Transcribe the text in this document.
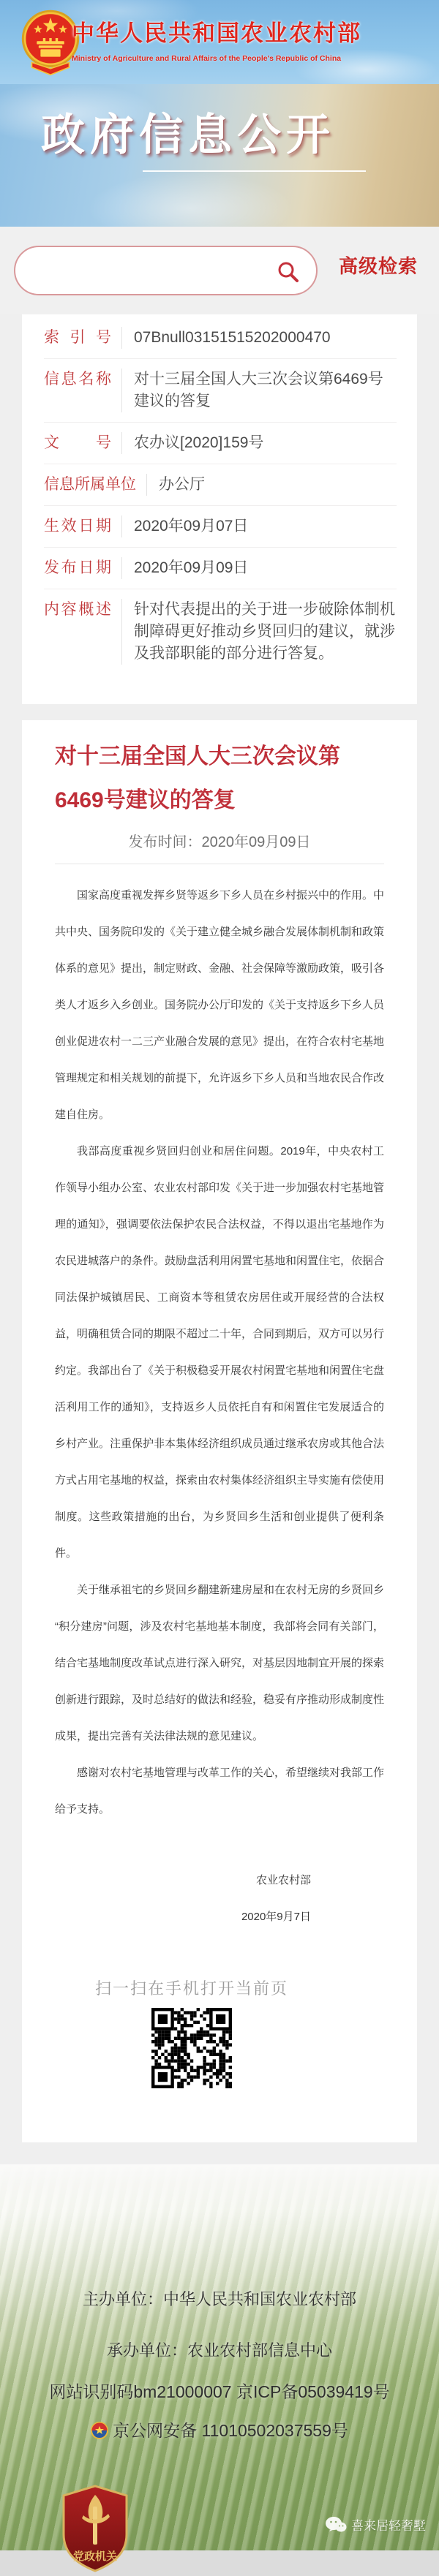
中华人民共和国农业农村部
Ministry of Agriculture and Rural Affairs of the People's Republic of China
政府信息公开
高级检索
索引号	07Bnull03151515202000470
信息名称	对十三届全国人大三次会议第6469号建议的答复
文号	农办议[2020]159号
信息所属单位	办公厅
生效日期	2020年09月07日
发布日期	2020年09月09日
内容概述	针对代表提出的关于进一步破除体制机制障碍更好推动乡贤回归的建议，就涉及我部职能的部分进行答复。
对十三届全国人大三次会议第6469号建议的答复
发布时间：2020年09月09日

国家高度重视发挥乡贤等返乡下乡人员在乡村振兴中的作用。中共中央、国务院印发的《关于建立健全城乡融合发展体制机制和政策体系的意见》提出，制定财政、金融、社会保障等激励政策，吸引各类人才返乡入乡创业。国务院办公厅印发的《关于支持返乡下乡人员创业促进农村一二三产业融合发展的意见》提出，在符合农村宅基地管理规定和相关规划的前提下，允许返乡下乡人员和当地农民合作改建自住房。

我部高度重视乡贤回归创业和居住问题。2019年，中央农村工作领导小组办公室、农业农村部印发《关于进一步加强农村宅基地管理的通知》，强调要依法保护农民合法权益，不得以退出宅基地作为农民进城落户的条件。鼓励盘活利用闲置宅基地和闲置住宅，依据合同法保护城镇居民、工商资本等租赁农房居住或开展经营的合法权益，明确租赁合同的期限不超过二十年，合同到期后，双方可以另行约定。我部出台了《关于积极稳妥开展农村闲置宅基地和闲置住宅盘活利用工作的通知》，支持返乡人员依托自有和闲置住宅发展适合的乡村产业。注重保护非本集体经济组织成员通过继承农房或其他合法方式占用宅基地的权益，探索由农村集体经济组织主导实施有偿使用制度。这些政策措施的出台，为乡贤回乡生活和创业提供了便利条件。

关于继承祖宅的乡贤回乡翻建新建房屋和在农村无房的乡贤回乡“积分建房”问题，涉及农村宅基地基本制度，我部将会同有关部门，结合宅基地制度改革试点进行深入研究，对基层因地制宜开展的探索创新进行跟踪，及时总结好的做法和经验，稳妥有序推动形成制度性成果，提出完善有关法律法规的意见建议。

感谢对农村宅基地管理与改革工作的关心，希望继续对我部工作给予支持。

农业农村部
2020年9月7日
扫一扫在手机打开当前页
主办单位：中华人民共和国农业农村部
承办单位：农业农村部信息中心
网站识别码bm21000007 京ICP备05039419号
京公网安备 11010502037559号
党政机关
喜来居轻奢墅
